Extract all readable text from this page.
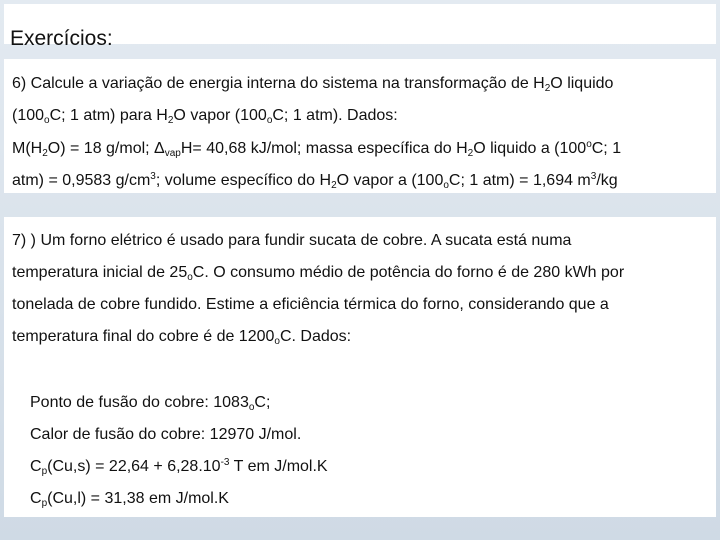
Exercícios:
6) Calcule a variação de energia interna do sistema na transformação de $H_2O$ liquido
($100_oC$; 1 atm) para $H_2O$ vapor ($100_oC$; 1 atm). Dados:
$M(H_2O) = 18$ g/mol; $\Delta_{vap}H= 40,68$ kJ/mol; massa específica do $H_2O$ liquido a (100$^o$C; 1
atm) = 0,9583 $g/cm^3$; volume específico do $H_2O$ vapor a ($100_oC$; 1 atm) = 1,694 $m^3/kg$
7) ) Um forno elétrico é usado para fundir sucata de cobre. A sucata está numa
temperatura inicial de $25_oC$. O consumo médio de potência do forno é de 280 kWh por
tonelada de cobre fundido. Estime a eficiência térmica do forno, considerando que a
temperatura final do cobre é de $1200_oC$. Dados:
Ponto de fusão do cobre: $1083_oC$;
Calor de fusão do cobre: 12970 J/mol.
$C_p(Cu,s) = 22,64 + 6,28.10^{-3}$ T em J/mol.K
$C_p(Cu,l) = 31,38$ em J/mol.K
